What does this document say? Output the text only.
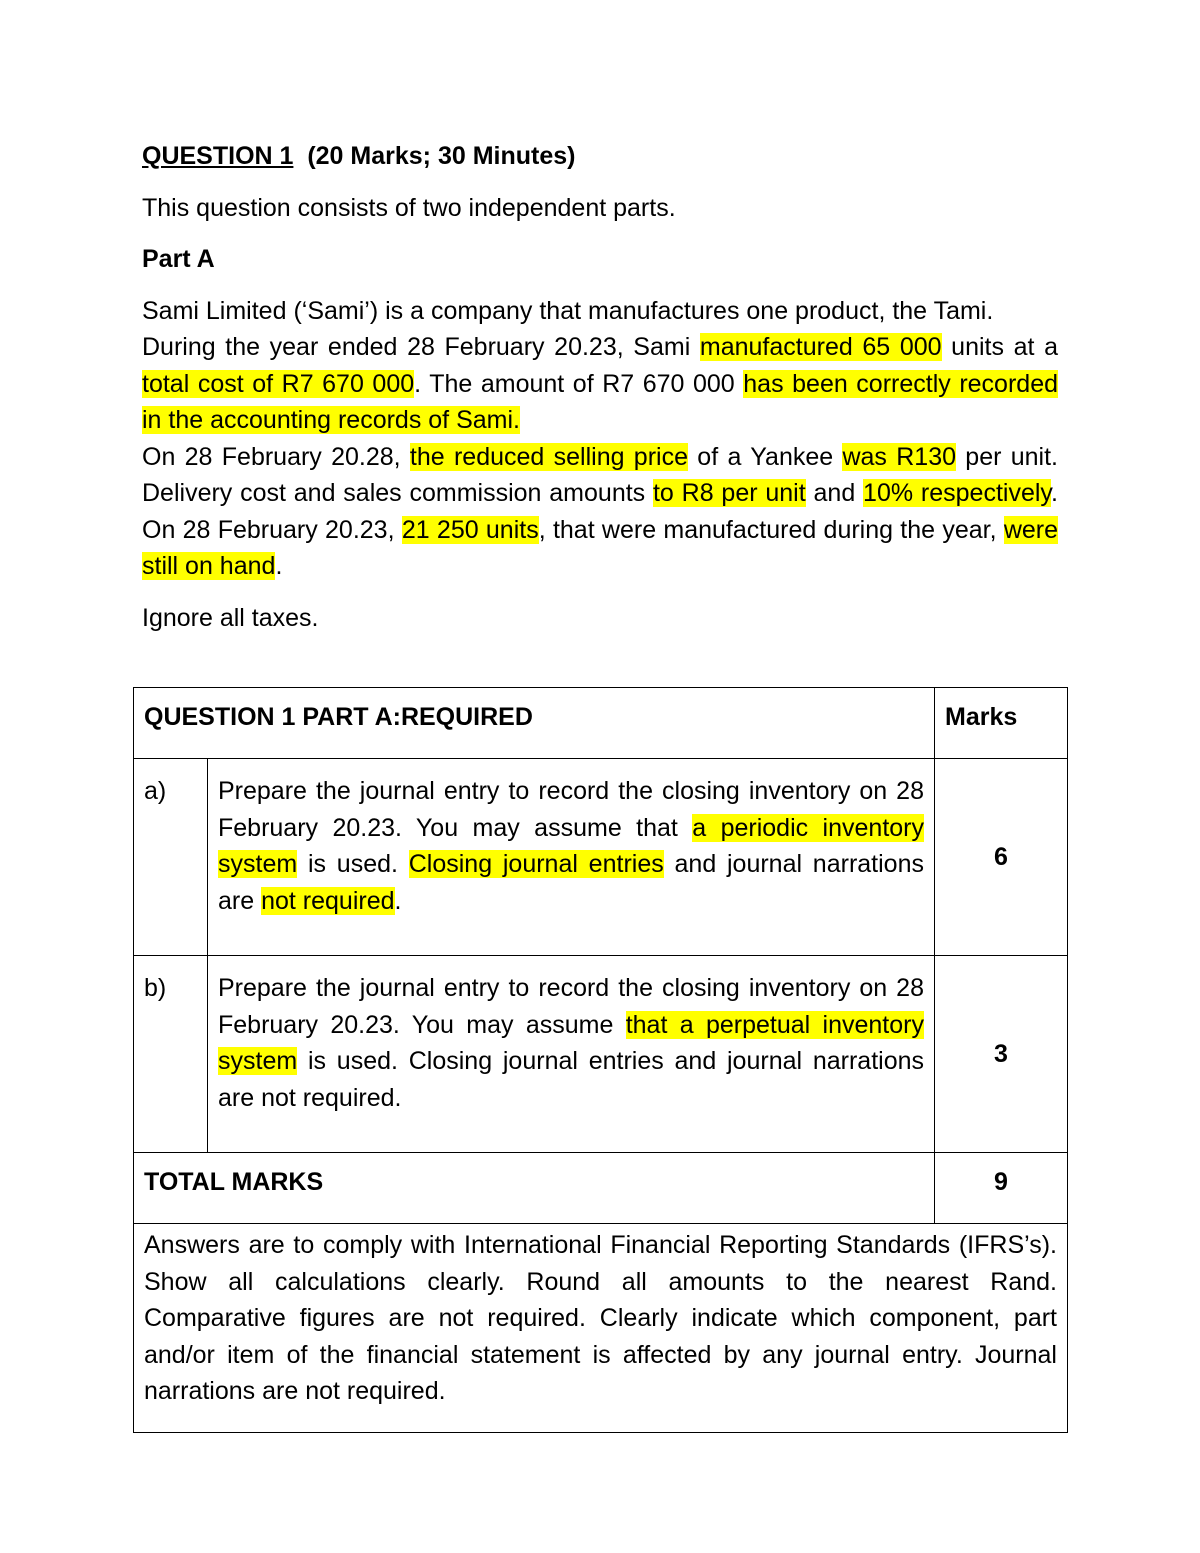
QUESTION 1 (20 Marks; 30 Minutes)

This question consists of two independent parts.

Part A

Sami Limited (‘Sami’) is a company that manufactures one product, the Tami.

During the year ended 28 February 20.23, Sami manufactured 65 000 units at a total cost of R7 670 000. The amount of R7 670 000 has been correctly recorded in the accounting records of Sami.

On 28 February 20.28, the reduced selling price of a Yankee was R130 per unit. Delivery cost and sales commission amounts to R8 per unit and 10% respectively. On 28 February 20.23, 21 250 units, that were manufactured during the year, were still on hand.

Ignore all taxes.

QUESTION 1 PART A:REQUIRED		Marks
a)	Prepare the journal entry to record the closing inventory on 28 February 20.23. You may assume that a periodic inventory system is used. Closing journal entries and journal narrations are not required.	6
b)	Prepare the journal entry to record the closing inventory on 28 February 20.23. You may assume that a perpetual inventory system is used. Closing journal entries and journal narrations are not required.	3
TOTAL MARKS		9
Answers are to comply with International Financial Reporting Standards (IFRS’s). Show all calculations clearly. Round all amounts to the nearest Rand. Comparative figures are not required. Clearly indicate which component, part and/or item of the financial statement is affected by any journal entry. Journal narrations are not required.		
